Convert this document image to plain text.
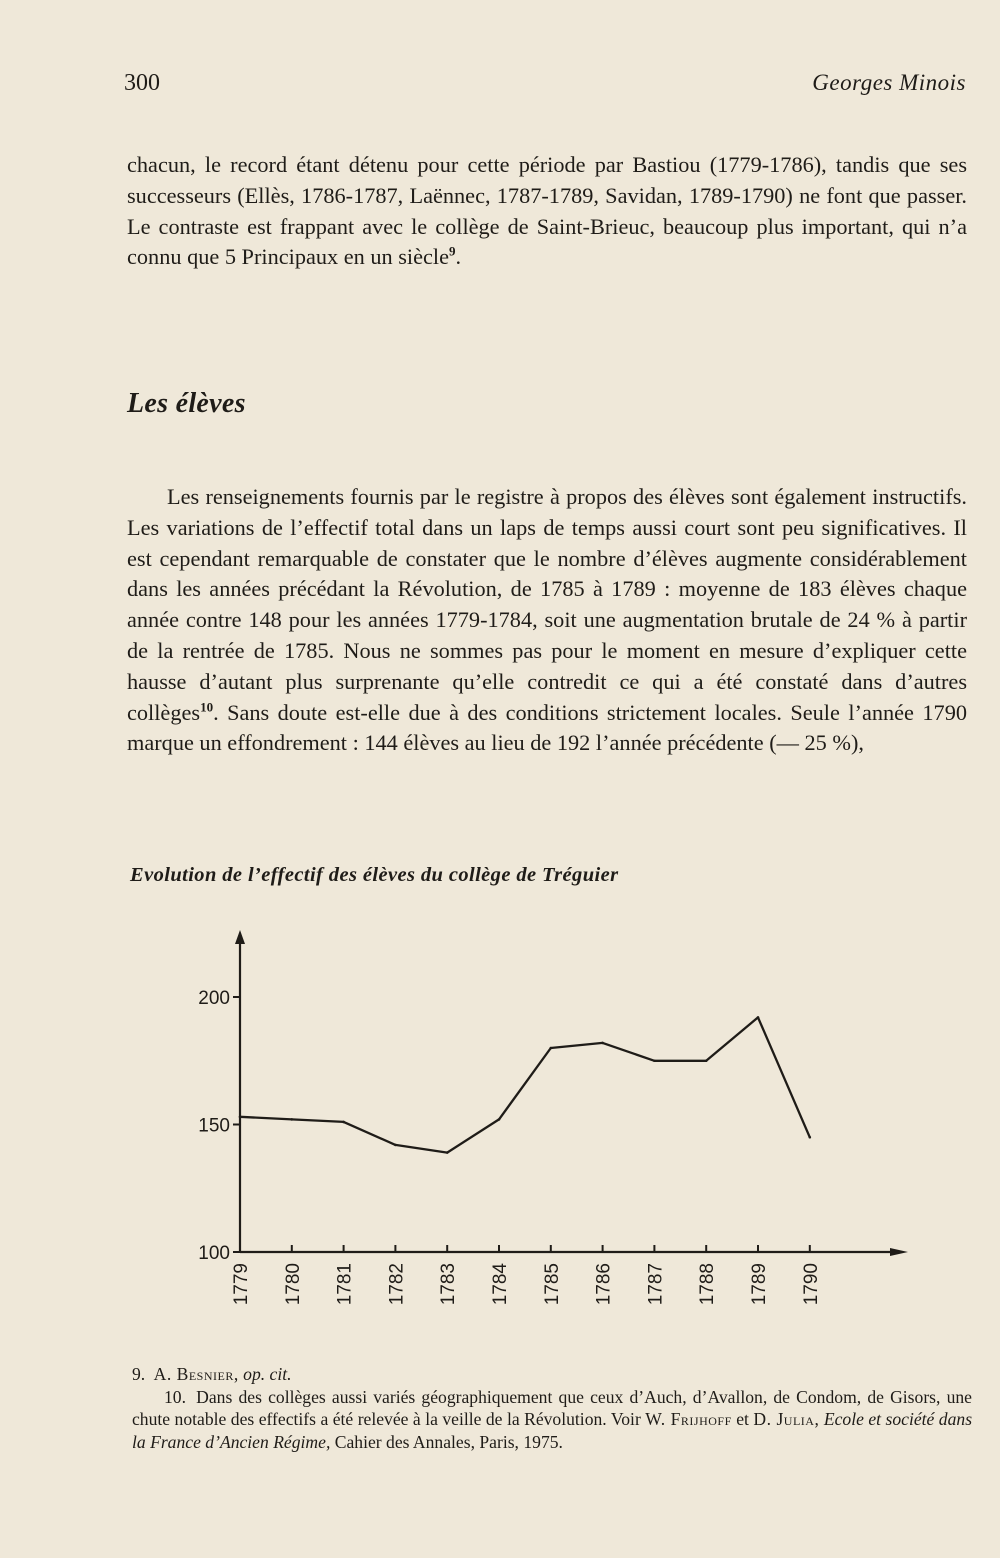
300	Georges Minois

chacun, le record étant détenu pour cette période par Bastiou (1779-1786), tandis que ses successeurs (Ellès, 1786-1787, Laënnec, 1787-1789, Savidan, 1789-1790) ne font que passer. Le contraste est frappant avec le collège de Saint-Brieuc, beaucoup plus important, qui n’a connu que 5 Principaux en un siècle$^9$.

Les élèves

Les renseignements fournis par le registre à propos des élèves sont également instructifs. Les variations de l’effectif total dans un laps de temps aussi court sont peu significatives. Il est cependant remarquable de constater que le nombre d’élèves augmente considérablement dans les années précédant la Révolution, de 1785 à 1789 : moyenne de 183 élèves chaque année contre 148 pour les années 1779-1784, soit une augmentation brutale de 24 % à partir de la rentrée de 1785. Nous ne sommes pas pour le moment en mesure d’expliquer cette hausse d’autant plus surprenante qu’elle contredit ce qui a été constaté dans d’autres collèges$^{10}$. Sans doute est-elle due à des conditions strictement locales. Seule l’année 1790 marque un effondrement : 144 élèves au lieu de 192 l’année précédente (— 25 %),

Evolution de l’effectif des élèves du collège de Tréguier
100
150
200
1779 1780 1781 1782 1783 1784 1785 1786 1787 1788 1789 1790

9. A. Besnier, op. cit.

10. Dans des collèges aussi variés géographiquement que ceux d’Auch, d’Avallon, de Condom, de Gisors, une chute notable des effectifs a été relevée à la veille de la Révolution. Voir W. Frijhoff et D. Julia, Ecole et société dans la France d’Ancien Régime, Cahier des Annales, Paris, 1975.
